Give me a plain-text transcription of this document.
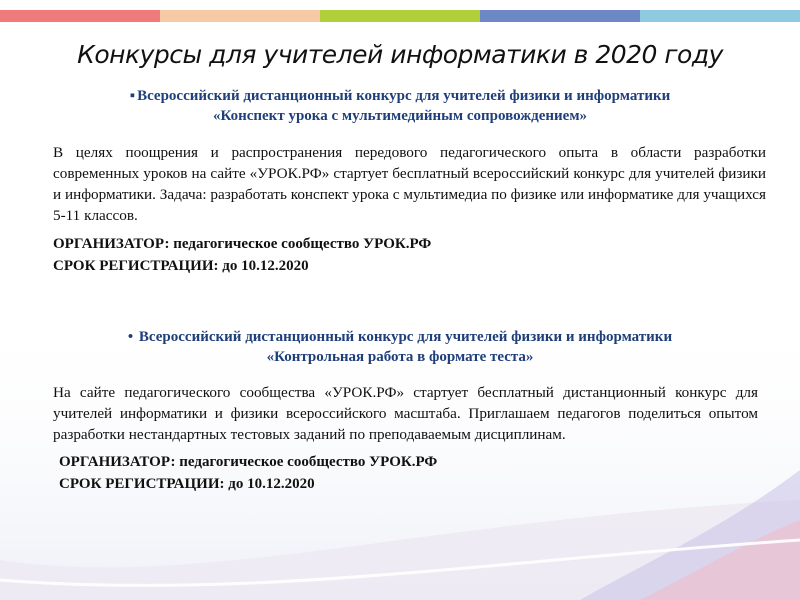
Конкурсы для учителей информатики в 2020 году
▪ Всероссийский дистанционный конкурс для учителей физики и информатики
«Конспект урока с мультимедийным сопровождением»
В целях поощрения и распространения передового педагогического опыта в области разработки современных уроков на сайте «УРОК.РФ» стартует бесплатный всероссийский конкурс для учителей физики и информатики. Задача: разработать конспект урока с мультимедиа по физике или информатике для учащихся 5-11 классов.
ОРГАНИЗАТОР: педагогическое сообщество УРОК.РФ
СРОК РЕГИСТРАЦИИ: до 10.12.2020
• Всероссийский дистанционный конкурс для учителей физики и информатики
«Контрольная работа в формате теста»
На сайте педагогического сообщества «УРОК.РФ» стартует бесплатный дистанционный конкурс для учителей информатики и физики всероссийского масштаба. Приглашаем педагогов поделиться опытом разработки нестандартных тестовых заданий по преподаваемым дисциплинам.
ОРГАНИЗАТОР: педагогическое сообщество УРОК.РФ
СРОК РЕГИСТРАЦИИ: до 10.12.2020
